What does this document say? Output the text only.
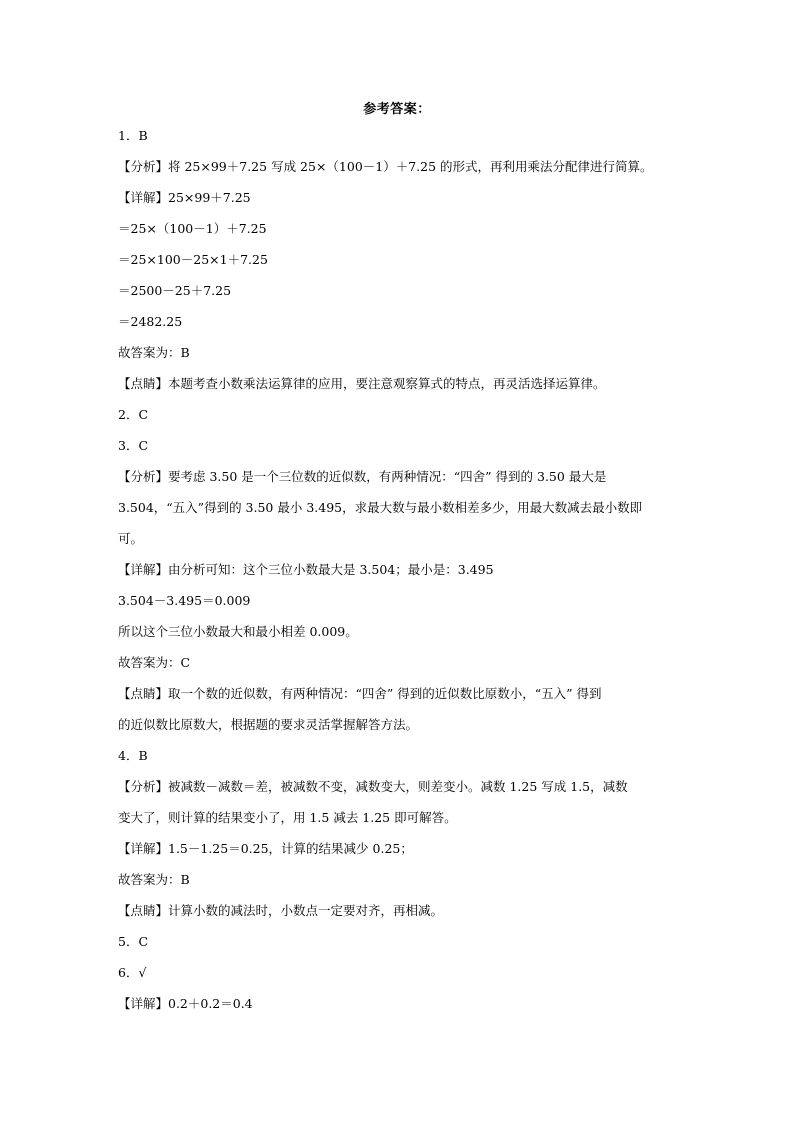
参考答案：
1．B
【分析】将 25×99＋7.25 写成 25×（100－1）＋7.25 的形式，再利用乘法分配律进行简算。
【详解】25×99＋7.25
＝25×（100－1）＋7.25
＝25×100－25×1＋7.25
＝2500－25＋7.25
＝2482.25
故答案为：B
【点睛】本题考查小数乘法运算律的应用，要注意观察算式的特点，再灵活选择运算律。
2．C
3．C
【分析】要考虑 3.50 是一个三位数的近似数，有两种情况：“四舍” 得到的 3.50 最大是
3.504，“五入”得到的 3.50 最小 3.495，求最大数与最小数相差多少，用最大数减去最小数即
可。
【详解】由分析可知：这个三位小数最大是 3.504；最小是：3.495
3.504－3.495＝0.009
所以这个三位小数最大和最小相差 0.009。
故答案为：C
【点睛】取一个数的近似数，有两种情况：“四舍” 得到的近似数比原数小，“五入” 得到
的近似数比原数大，根据题的要求灵活掌握解答方法。
4．B
【分析】被减数－减数＝差，被减数不变，减数变大，则差变小。减数 1.25 写成 1.5，减数
变大了，则计算的结果变小了，用 1.5 减去 1.25 即可解答。
【详解】1.5－1.25＝0.25，计算的结果减少 0.25；
故答案为：B
【点睛】计算小数的减法时，小数点一定要对齐，再相减。
5．C
6．√
【详解】0.2＋0.2＝0.4
